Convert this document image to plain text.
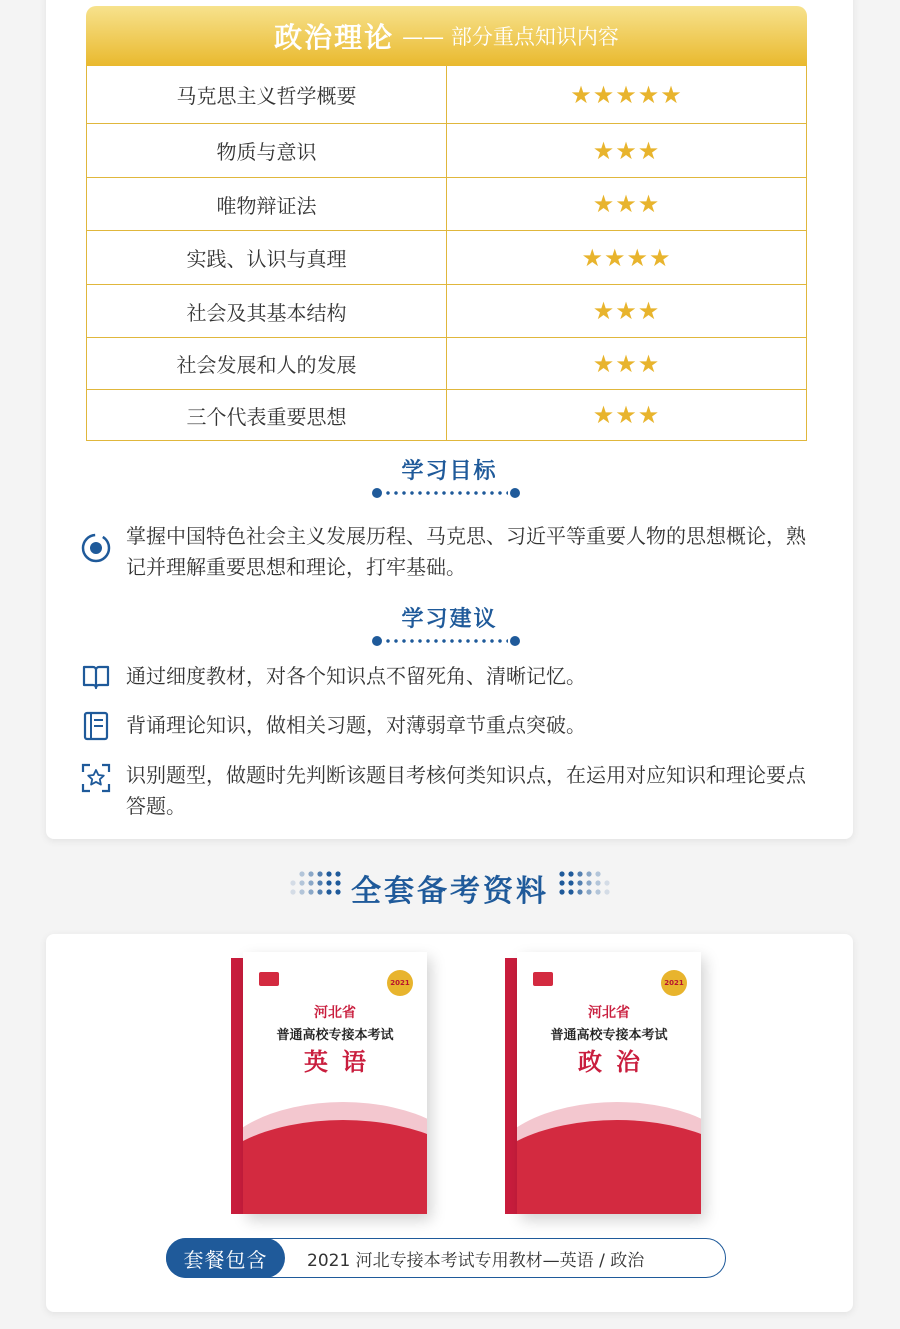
政治理论 —— 部分重点知识内容
马克思主义哲学概要	★★★★★
物质与意识	★★★
唯物辩证法	★★★
实践、认识与真理	★★★★
社会及其基本结构	★★★
社会发展和人的发展	★★★
三个代表重要思想	★★★
学习目标
掌握中国特色社会主义发展历程、马克思、习近平等重要人物的思想概论，熟记并理解重要思想和理论，打牢基础。
学习建议
通过细度教材，对各个知识点不留死角、清晰记忆。
背诵理论知识，做相关习题，对薄弱章节重点突破。
识别题型，做题时先判断该题目考核何类知识点，在运用对应知识和理论要点答题。
全套备考资料
2021
河北省
普通高校专接本考试
英语
2021
河北省
普通高校专接本考试
政治
套餐包含	2021 河北专接本考试专用教材—英语 / 政治
